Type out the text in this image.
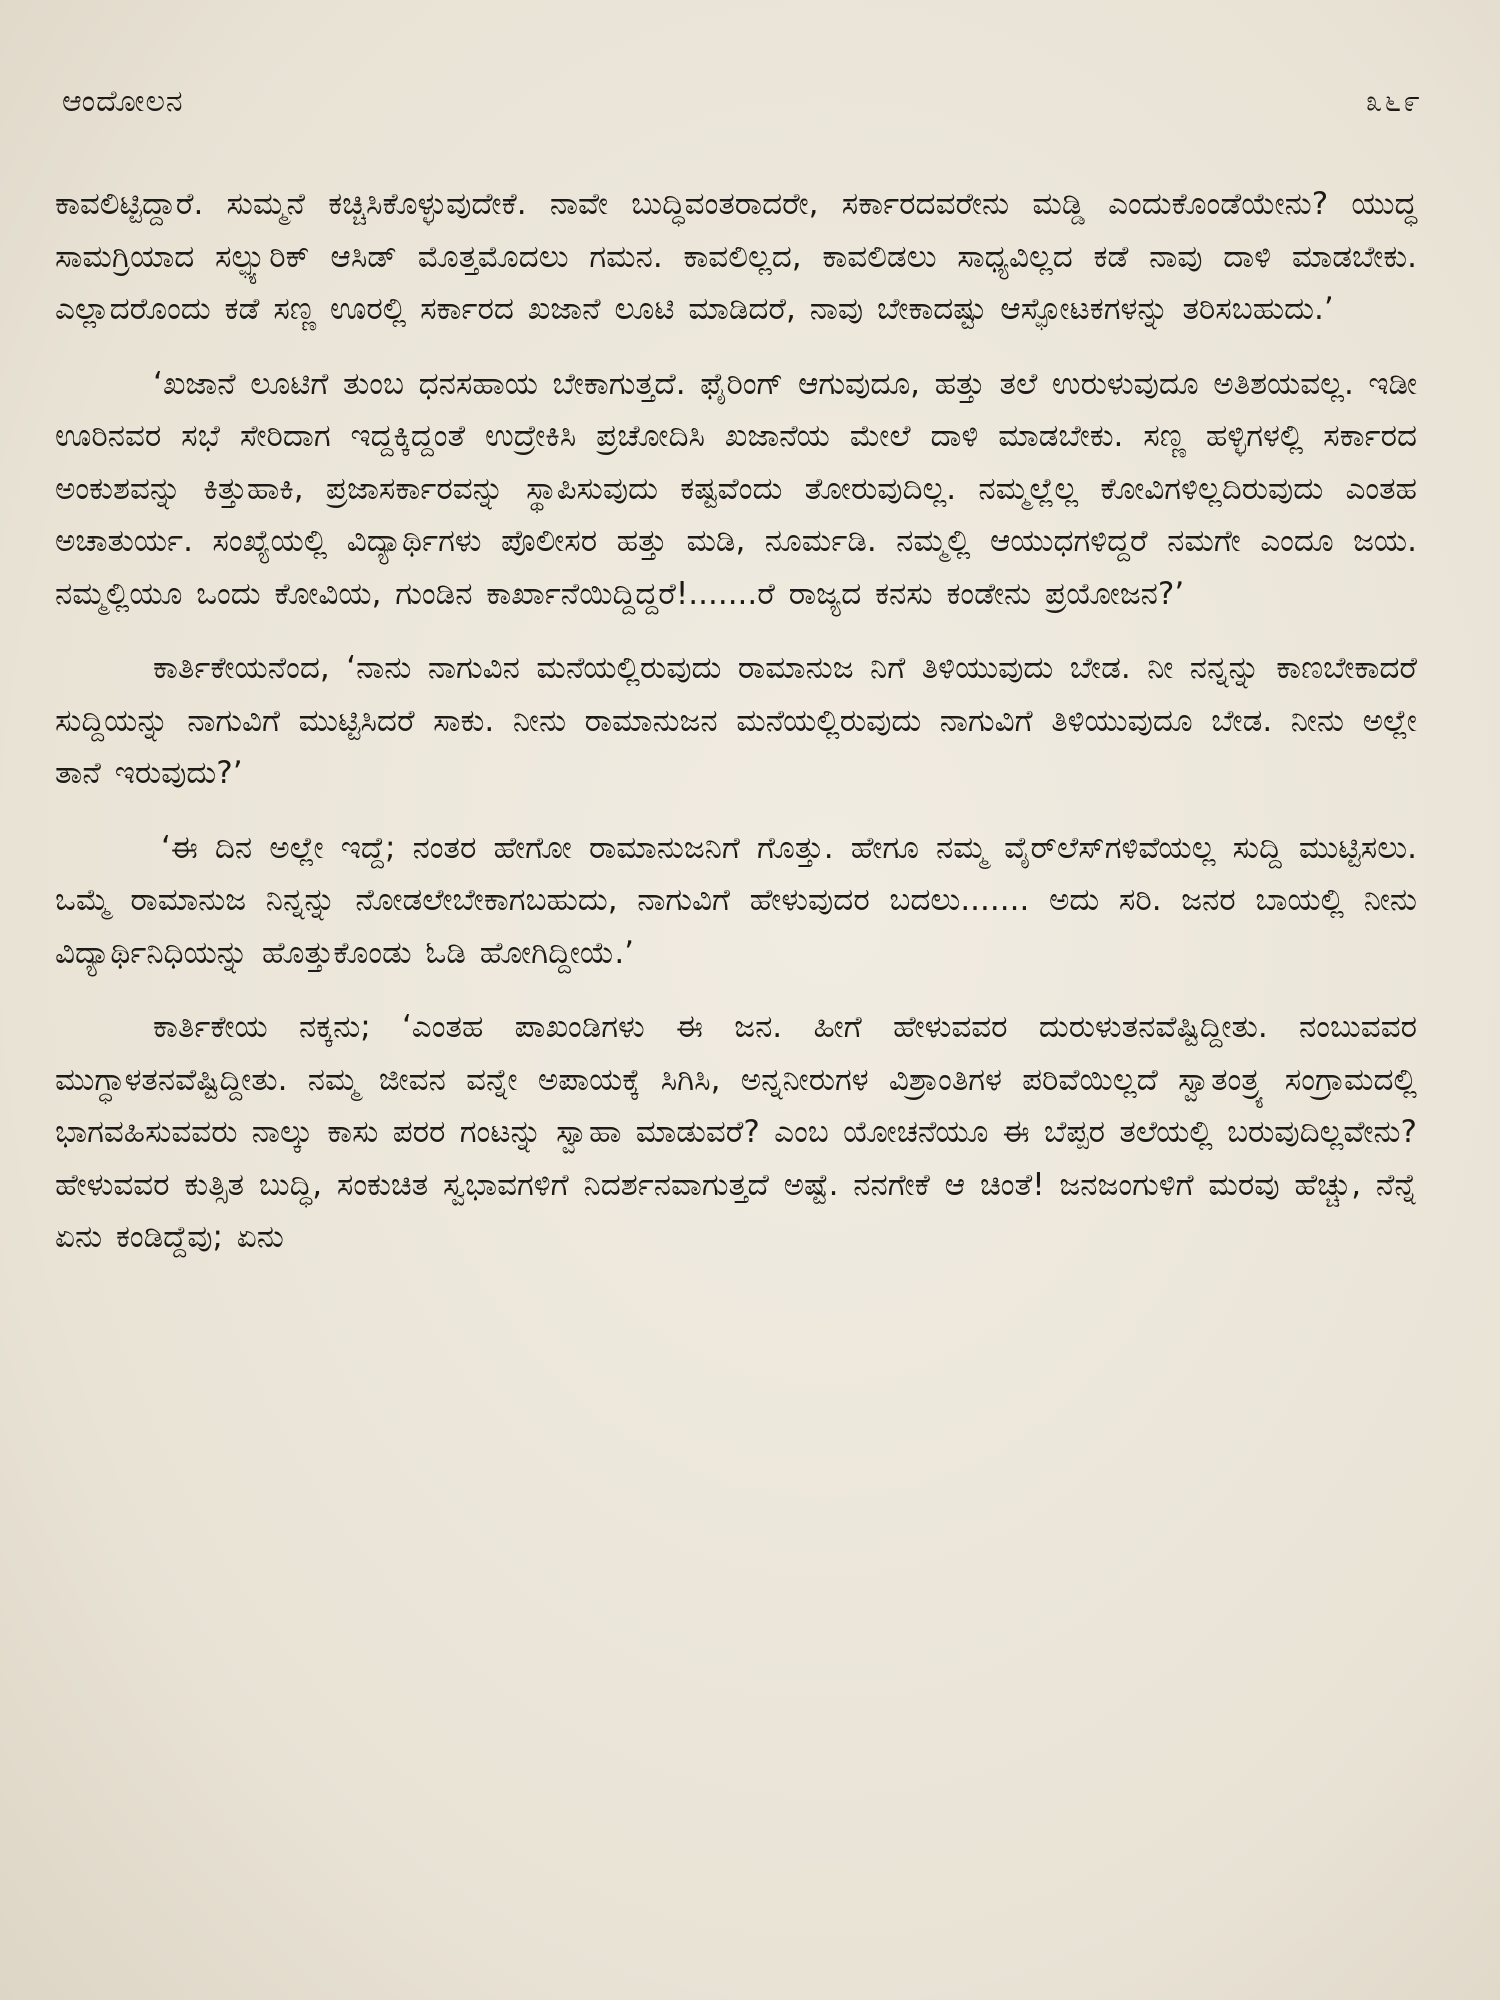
ಆಂದೋಲನ	೩೬೯

ಕಾವಲಿಟ್ಟಿದ್ದಾರೆ. ಸುಮ್ಮನೆ ಕಚ್ಚಿಸಿಕೊಳ್ಳುವುದೇಕೆ. ನಾವೇ ಬುದ್ಧಿವಂತರಾದರೇ, ಸರ್ಕಾರದವರೇನು ಮಡ್ಡಿ ಎಂದುಕೊಂಡೆಯೇನು? ಯುದ್ಧ ಸಾಮಗ್ರಿಯಾದ ಸಲ್ಫ್ಯುರಿಕ್ ಆಸಿಡ್ ಮೊತ್ತಮೊದಲು ಗಮನ. ಕಾವಲಿಲ್ಲದ, ಕಾವಲಿಡಲು ಸಾಧ್ಯವಿಲ್ಲದ ಕಡೆ ನಾವು ದಾಳಿ ಮಾಡಬೇಕು. ಎಲ್ಲಾದರೊಂದು ಕಡೆ ಸಣ್ಣ ಊರಲ್ಲಿ ಸರ್ಕಾರದ ಖಜಾನೆ ಲೂಟಿ ಮಾಡಿದರೆ, ನಾವು ಬೇಕಾದಷ್ಟು ಆಸ್ಫೋಟಕಗಳನ್ನು ತರಿಸಬಹುದು.’

‘ಖಜಾನೆ ಲೂಟಿಗೆ ತುಂಬ ಧನಸಹಾಯ ಬೇಕಾಗುತ್ತದೆ. ಫೈರಿಂಗ್ ಆಗುವುದೂ, ಹತ್ತು ತಲೆ ಉರುಳುವುದೂ ಅತಿಶಯವಲ್ಲ. ಇಡೀ ಊರಿನವರ ಸಭೆ ಸೇರಿದಾಗ ಇದ್ದಕ್ಕಿದ್ದಂತೆ ಉದ್ರೇಕಿಸಿ ಪ್ರಚೋದಿಸಿ ಖಜಾನೆಯ ಮೇಲೆ ದಾಳಿ ಮಾಡಬೇಕು. ಸಣ್ಣ ಹಳ್ಳಿಗಳಲ್ಲಿ ಸರ್ಕಾರದ ಅಂಕುಶವನ್ನು ಕಿತ್ತುಹಾಕಿ, ಪ್ರಜಾಸರ್ಕಾರವನ್ನು ಸ್ಥಾಪಿಸುವುದು ಕಷ್ಟವೆಂದು ತೋರುವುದಿಲ್ಲ. ನಮ್ಮಲ್ಲೆಲ್ಲ ಕೋವಿಗಳಿಲ್ಲದಿರುವುದು ಎಂತಹ ಅಚಾತುರ್ಯ. ಸಂಖ್ಯೆಯಲ್ಲಿ ವಿದ್ಯಾರ್ಥಿಗಳು ಪೊಲೀಸರ ಹತ್ತು ಮಡಿ, ನೂರ್ಮಡಿ. ನಮ್ಮಲ್ಲಿ ಆಯುಧಗಳಿದ್ದರೆ ನಮಗೇ ಎಂದೂ ಜಯ. ನಮ್ಮಲ್ಲಿಯೂ ಒಂದು ಕೋವಿಯ, ಗುಂಡಿನ ಕಾರ್ಖಾನೆಯಿದ್ದಿದ್ದರೆ!.......ರೆ ರಾಜ್ಯದ ಕನಸು ಕಂಡೇನು ಪ್ರಯೋಜನ?’

ಕಾರ್ತಿಕೇಯನೆಂದ, ‘ನಾನು ನಾಗುವಿನ ಮನೆಯಲ್ಲಿರುವುದು ರಾಮಾನುಜ ನಿಗೆ ತಿಳಿಯುವುದು ಬೇಡ. ನೀ ನನ್ನನ್ನು ಕಾಣಬೇಕಾದರೆ ಸುದ್ದಿಯನ್ನು ನಾಗುವಿಗೆ ಮುಟ್ಟಿಸಿದರೆ ಸಾಕು. ನೀನು ರಾಮಾನುಜನ ಮನೆಯಲ್ಲಿರುವುದು ನಾಗುವಿಗೆ ತಿಳಿಯುವುದೂ ಬೇಡ. ನೀನು ಅಲ್ಲೇ ತಾನೆ ಇರುವುದು?’

‘ಈ ದಿನ ಅಲ್ಲೇ ಇದ್ದೆ; ನಂತರ ಹೇಗೋ ರಾಮಾನುಜನಿಗೆ ಗೊತ್ತು. ಹೇಗೂ ನಮ್ಮ ವೈರ್‌ಲೆಸ್‌ಗಳಿವೆಯಲ್ಲ ಸುದ್ದಿ ಮುಟ್ಟಿಸಲು. ಒಮ್ಮೆ ರಾಮಾನುಜ ನಿನ್ನನ್ನು ನೋಡಲೇಬೇಕಾಗಬಹುದು, ನಾಗುವಿಗೆ ಹೇಳುವುದರ ಬದಲು....... ಅದು ಸರಿ. ಜನರ ಬಾಯಲ್ಲಿ ನೀನು ವಿದ್ಯಾರ್ಥಿನಿಧಿಯನ್ನು ಹೊತ್ತುಕೊಂಡು ಓಡಿ ಹೋಗಿದ್ದೀಯೆ.’

ಕಾರ್ತಿಕೇಯ ನಕ್ಕನು; ‘ಎಂತಹ ಪಾಖಂಡಿಗಳು ಈ ಜನ. ಹೀಗೆ ಹೇಳುವವರ ದುರುಳುತನವೆಷ್ಟಿದ್ದೀತು. ನಂಬುವವರ ಮುಗ್ಧಾಳತನವೆಷ್ಟಿದ್ದೀತು. ನಮ್ಮ ಜೀವನ ವನ್ನೇ ಅಪಾಯಕ್ಕೆ ಸಿಗಿಸಿ, ಅನ್ನನೀರುಗಳ ವಿಶ್ರಾಂತಿಗಳ ಪರಿವೆಯಿಲ್ಲದೆ ಸ್ವಾತಂತ್ರ್ಯ ಸಂಗ್ರಾಮದಲ್ಲಿ ಭಾಗವಹಿಸುವವರು ನಾಲ್ಕು ಕಾಸು ಪರರ ಗಂಟನ್ನು ಸ್ವಾಹಾ ಮಾಡುವರೆ? ಎಂಬ ಯೋಚನೆಯೂ ಈ ಬೆಪ್ಪರ ತಲೆಯಲ್ಲಿ ಬರುವುದಿಲ್ಲವೇನು? ಹೇಳುವವರ ಕುತ್ಸಿತ ಬುದ್ಧಿ, ಸಂಕುಚಿತ ಸ್ವಭಾವಗಳಿಗೆ ನಿದರ್ಶನವಾಗುತ್ತದೆ ಅಷ್ಟೆ. ನನಗೇಕೆ ಆ ಚಿಂತೆ! ಜನಜಂಗುಳಿಗೆ ಮರವು ಹೆಚ್ಚು, ನೆನ್ನೆ ಏನು ಕಂಡಿದ್ದೆವು; ಏನು
